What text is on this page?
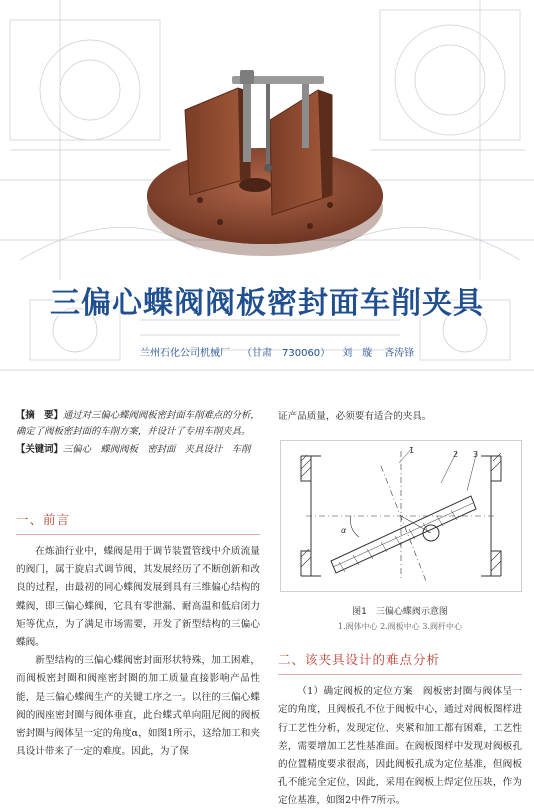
三偏心蝶阀阀板密封面车削夹具
兰州石化公司机械厂 （甘肃　730060） 刘　璇 吝涛锋
【摘　要】通过对三偏心蝶阀阀板密封面车削难点的分析，确定了阀板密封面的车削方案，并设计了专用车削夹具。
【关键词】三偏心　蝶阀阀板　密封面　夹具设计　车削
一、前言

在炼油行业中，蝶阀是用于调节装置管线中介质流量的阀门，属于旋启式调节阀，其发展经历了不断创新和改良的过程，由最初的同心蝶阀发展到具有三维偏心结构的蝶阀，即三偏心蝶阀，它具有零泄漏、耐高温和低启闭力矩等优点，为了满足市场需要，开发了新型结构的三偏心蝶阀。

新型结构的三偏心蝶阀密封面形状特殊，加工困难，而阀板密封圈和阀座密封圈的加工质量直接影响产品性能，是三偏心蝶阀生产的关键工序之一。以往的三偏心蝶阀的阀座密封圈与阀体垂直，此台蝶式单向阻尼阀的阀板密封圈与阀体呈一定的角度α，如图1所示，这给加工和夹具设计带来了一定的难度。因此，为了保

证产品质量，必须要有适合的夹具。

1	2 3
α
图1　三偏心蝶阀示意图
1.阀体中心 2.阀板中心 3.阀杆中心
二、该夹具设计的难点分析

（1）确定阀板的定位方案　阀板密封圈与阀体呈一定的角度，且阀板孔不位于阀板中心，通过对阀板图样进行工艺性分析，发现定位、夹紧和加工都有困难，工艺性差，需要增加工艺性基准面。在阀板图样中发现对阀板孔的位置精度要求很高，因此阀板孔成为定位基准，但阀板孔不能完全定位，因此，采用在阀板上焊定位压块，作为定位基准，如图2中件7所示。
